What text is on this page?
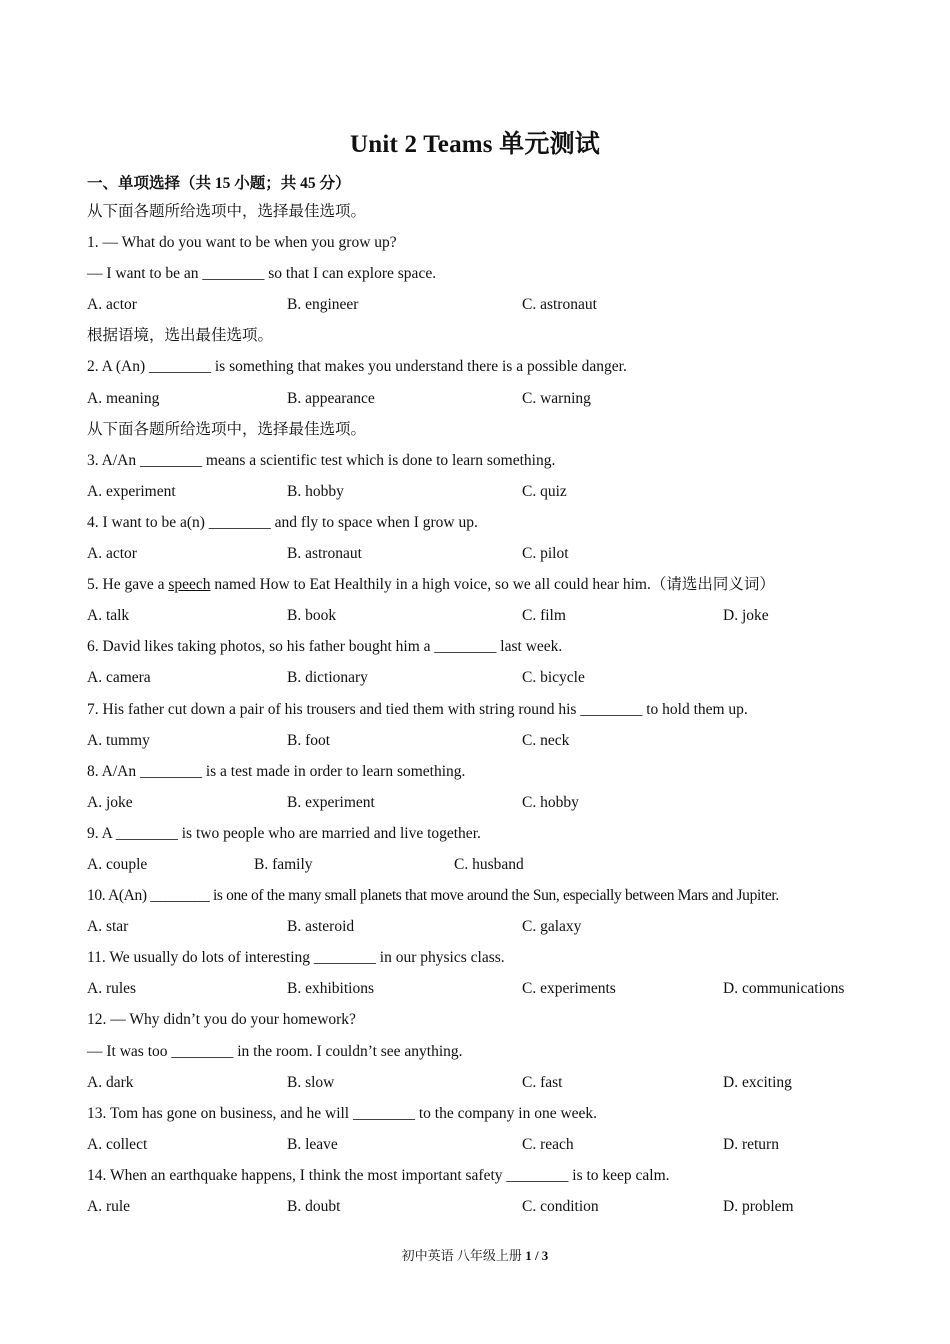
Unit 2 Teams 单元测试
一、单项选择（共 15 小题；共 45 分）
从下面各题所给选项中，选择最佳选项。
1. — What do you want to be when you grow up?
— I want to be an ________ so that I can explore space.
A. actor	B. engineer	C. astronaut
根据语境，选出最佳选项。
2. A (An) ________ is something that makes you understand there is a possible danger.
A. meaning	B. appearance	C. warning
从下面各题所给选项中，选择最佳选项。
3. A/An ________ means a scientific test which is done to learn something.
A. experiment	B. hobby	C. quiz
4. I want to be a(n) ________ and fly to space when I grow up.
A. actor	B. astronaut	C. pilot
5. He gave a speech named How to Eat Healthily in a high voice, so we all could hear him.（请选出同义词）
A. talk	B. book	C. film	D. joke
6. David likes taking photos, so his father bought him a ________ last week.
A. camera	B. dictionary	C. bicycle
7. His father cut down a pair of his trousers and tied them with string round his ________ to hold them up.
A. tummy	B. foot	C. neck
8. A/An ________ is a test made in order to learn something.
A. joke	B. experiment	C. hobby
9. A ________ is two people who are married and live together.
A. couple	B. family	C. husband
10. A(An) ________ is one of the many small planets that move around the Sun, especially between Mars and Jupiter.
A. star	B. asteroid	C. galaxy
11. We usually do lots of interesting ________ in our physics class.
A. rules	B. exhibitions	C. experiments	D. communications
12. — Why didn’t you do your homework?
— It was too ________ in the room. I couldn’t see anything.
A. dark	B. slow	C. fast	D. exciting
13. Tom has gone on business, and he will ________ to the company in one week.
A. collect	B. leave	C. reach	D. return
14. When an earthquake happens, I think the most important safety ________ is to keep calm.
A. rule	B. doubt	C. condition	D. problem
初中英语 八年级上册 1 / 3
